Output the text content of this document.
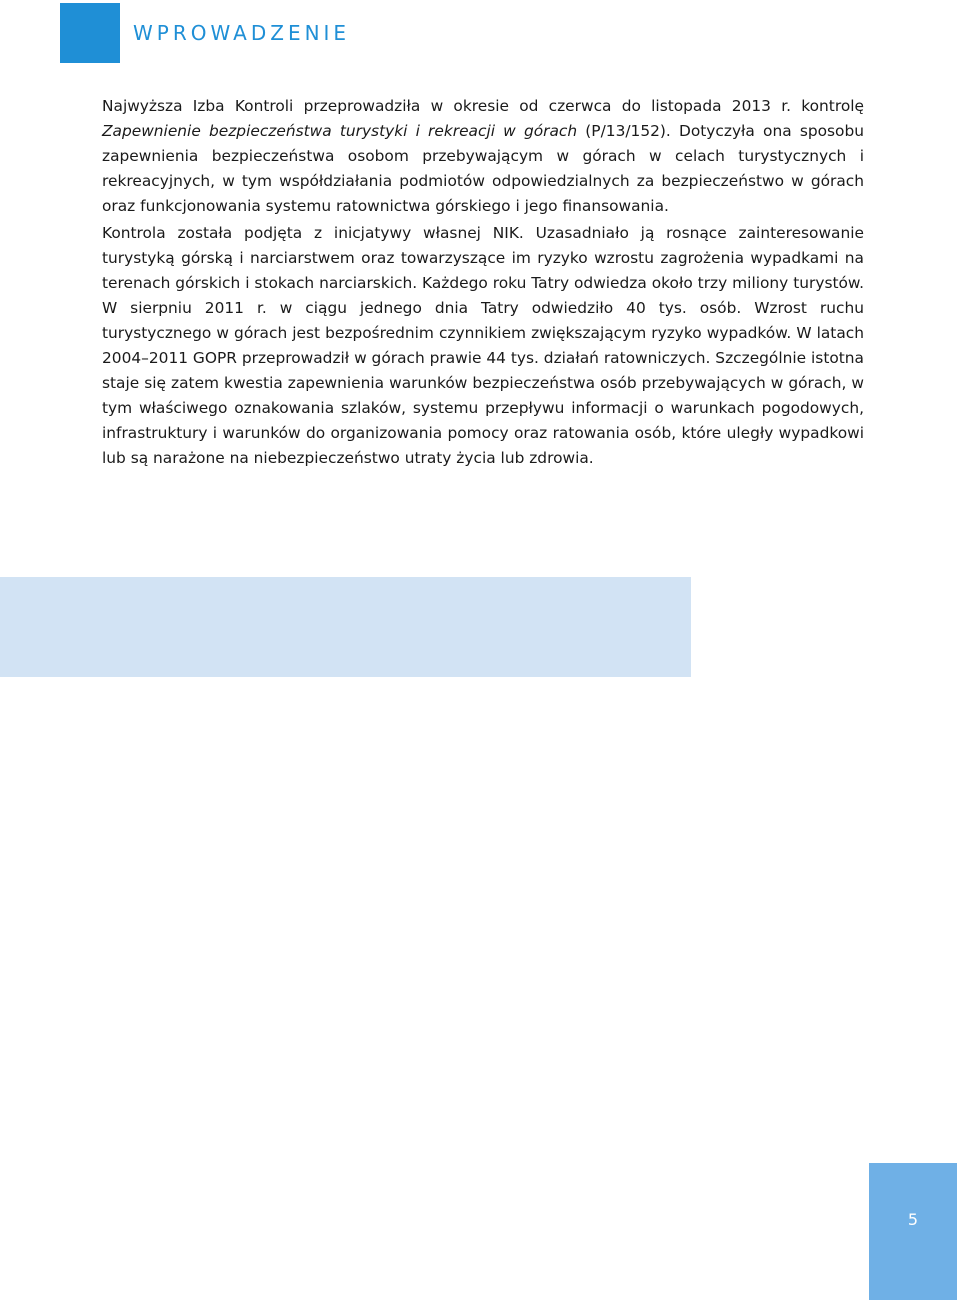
WPROWADZENIE

Najwyższa Izba Kontroli przeprowadziła w okresie od czerwca do listopada 2013 r. kontrolę Zapewnienie bezpieczeństwa turystyki i rekreacji w górach (P/13/152). Dotyczyła ona sposobu zapewnienia bezpieczeństwa osobom przebywającym w górach w celach turystycznych i rekreacyjnych, w tym współdziałania podmiotów odpowiedzialnych za bezpieczeństwo w górach oraz funkcjonowania systemu ratownictwa górskiego i jego finansowania.

Kontrola została podjęta z inicjatywy własnej NIK. Uzasadniało ją rosnące zainteresowanie turystyką górską i narciarstwem oraz towarzyszące im ryzyko wzrostu zagrożenia wypadkami na terenach górskich i stokach narciarskich. Każdego roku Tatry odwiedza około trzy miliony turystów. W sierpniu 2011 r. w ciągu jednego dnia Tatry odwiedziło 40 tys. osób. Wzrost ruchu turystycznego w górach jest bezpośrednim czynnikiem zwiększającym ryzyko wypadków. W latach 2004–2011 GOPR przeprowadził w górach prawie 44 tys. działań ratowniczych. Szczególnie istotna staje się zatem kwestia zapewnienia warunków bezpieczeństwa osób przebywających w górach, w tym właściwego oznakowania szlaków, systemu przepływu informacji o warunkach pogodowych, infrastruktury i warunków do organizowania pomocy oraz ratowania osób, które uległy wypadkowi lub są narażone na niebezpieczeństwo utraty życia lub zdrowia.

5
